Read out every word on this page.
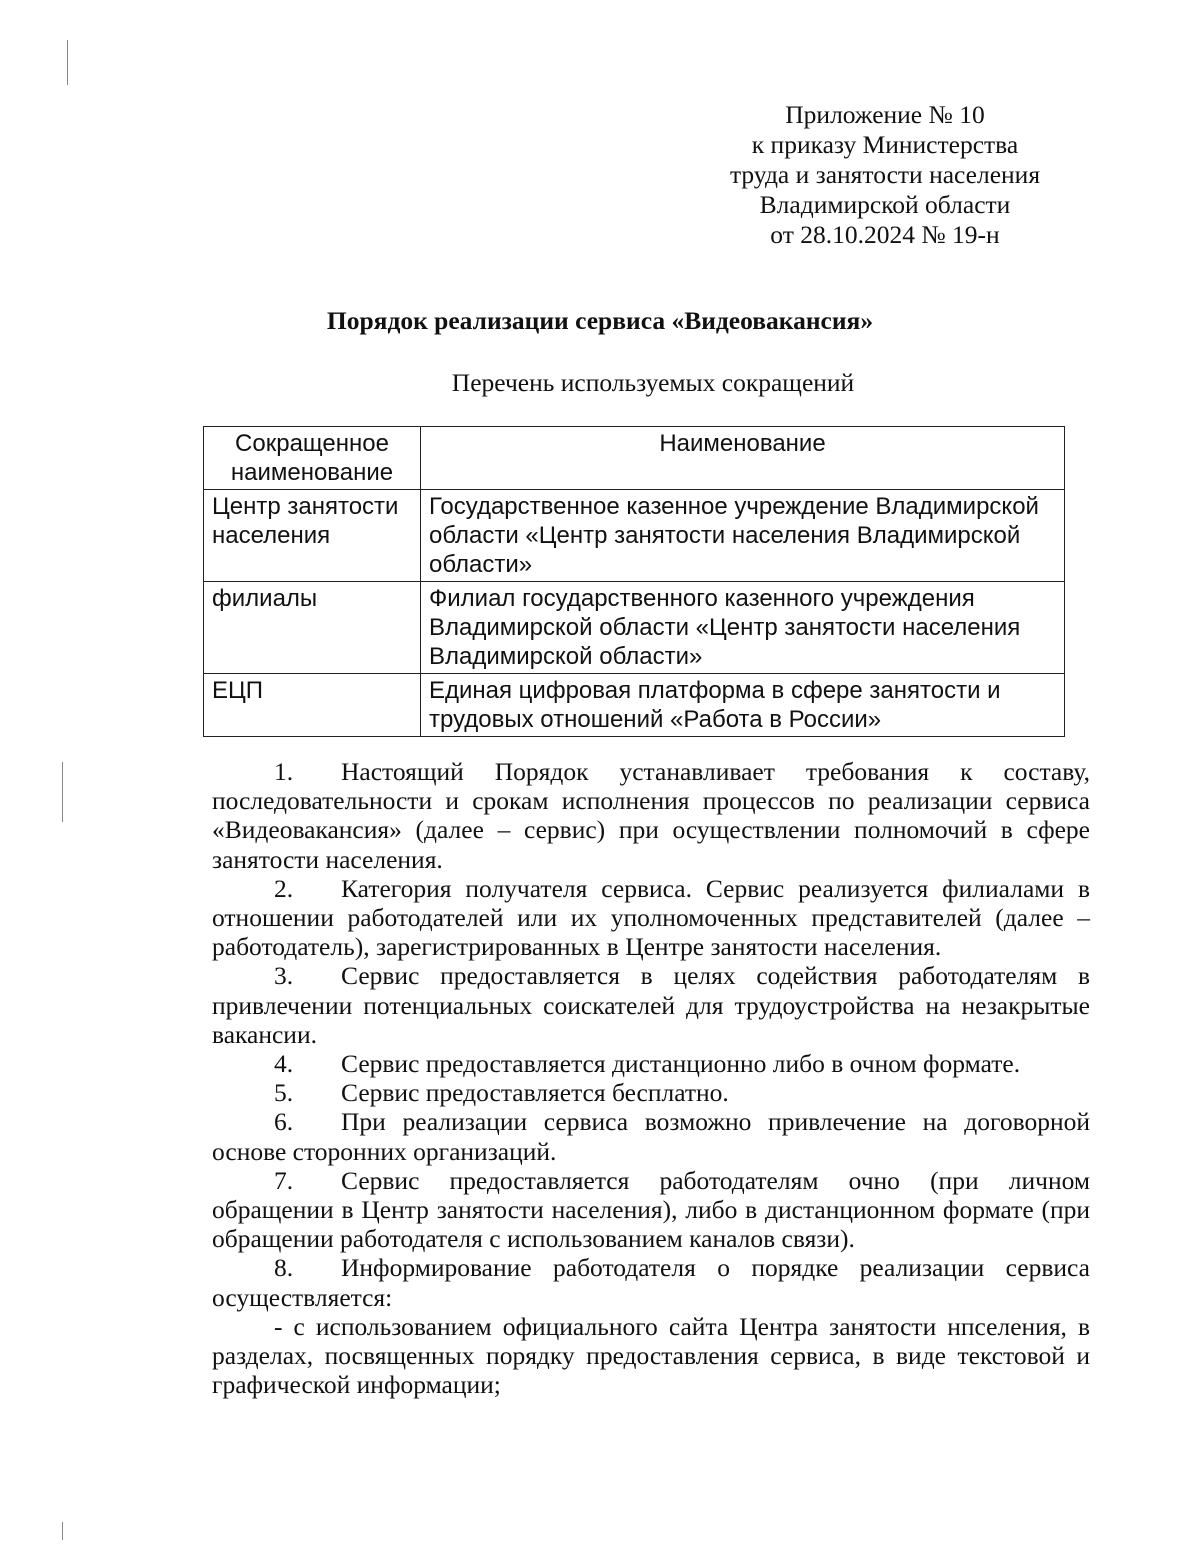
Приложение № 10
к приказу Министерства
труда и занятости населения
Владимирской области
от 28.10.2024 № 19-н
Порядок реализации сервиса «Видеовакансия»
Перечень используемых сокращений
Сокращенное наименование	Наименование
Центр занятости населения	Государственное казенное учреждение Владимирской области «Центр занятости населения Владимирской области»
филиалы	Филиал государственного казенного учреждения Владимирской области «Центр занятости населения Владимирской области»
ЕЦП	Единая цифровая платформа в сфере занятости и трудовых отношений «Работа в России»

1. Настоящий Порядок устанавливает требования к составу, последовательности и срокам исполнения процессов по реализации сервиса «Видеовакансия» (далее – сервис) при осуществлении полномочий в сфере занятости населения.

2. Категория получателя сервиса. Сервис реализуется филиалами в отношении работодателей или их уполномоченных представителей (далее – работодатель), зарегистрированных в Центре занятости населения.

3. Сервис предоставляется в целях содействия работодателям в привлечении потенциальных соискателей для трудоустройства на незакрытые вакансии.

4. Сервис предоставляется дистанционно либо в очном формате.

5. Сервис предоставляется бесплатно.

6. При реализации сервиса возможно привлечение на договорной основе сторонних организаций.

7. Сервис предоставляется работодателям очно (при личном обращении в Центр занятости населения), либо в дистанционном формате (при обращении работодателя с использованием каналов связи).

8. Информирование работодателя о порядке реализации сервиса осуществляется:

- с использованием официального сайта Центра занятости нпселения, в разделах, посвященных порядку предоставления сервиса, в виде текстовой и графической информации;
